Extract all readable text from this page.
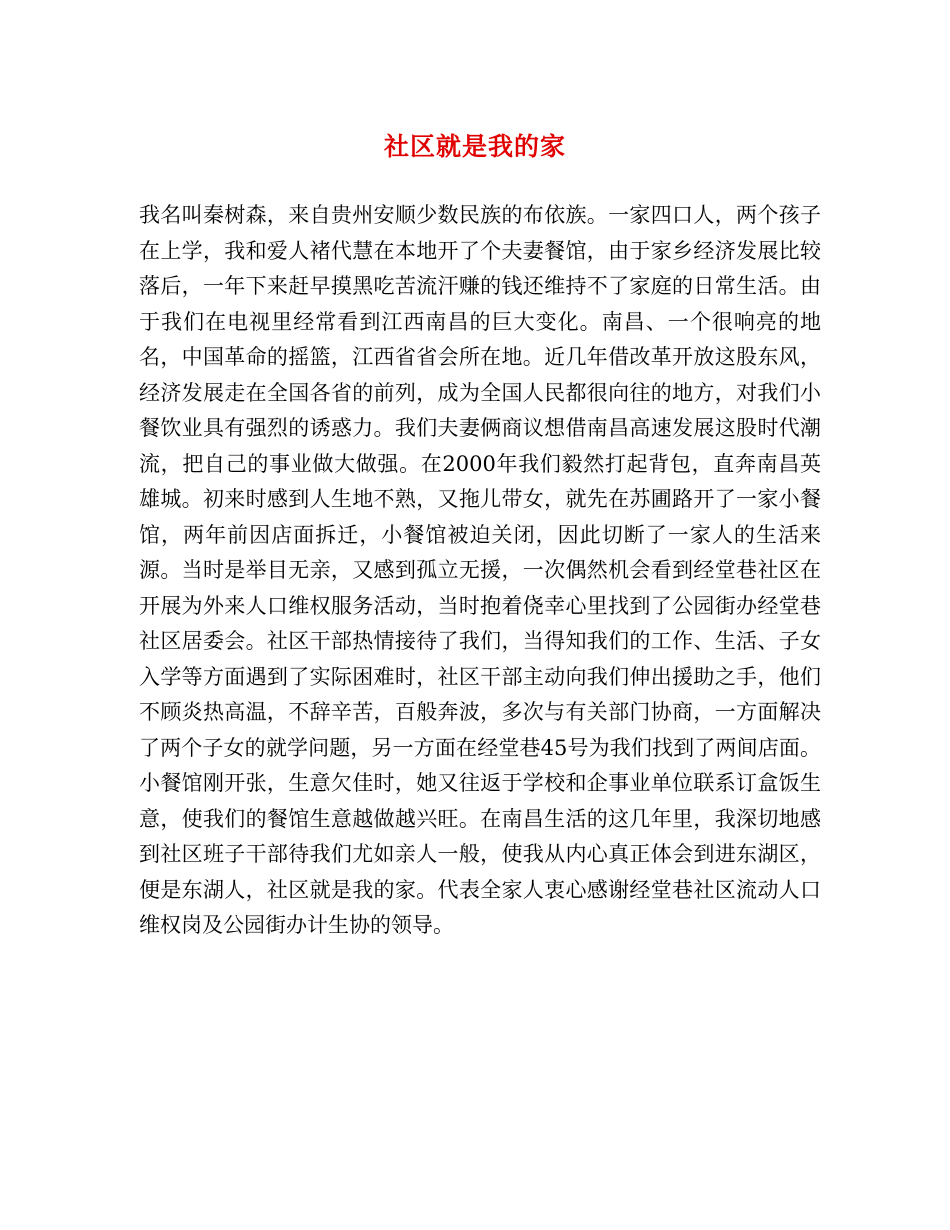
社区就是我的家

我名叫秦树森，来自贵州安顺少数民族的布依族。一家四口人，两个孩子在上学，我和爱人褚代慧在本地开了个夫妻餐馆，由于家乡经济发展比较落后，一年下来赶早摸黑吃苦流汗赚的钱还维持不了家庭的日常生活。由于我们在电视里经常看到江西南昌的巨大变化。南昌、一个很响亮的地名，中国革命的摇篮，江西省省会所在地。近几年借改革开放这股东风，经济发展走在全国各省的前列，成为全国人民都很向往的地方，对我们小餐饮业具有强烈的诱惑力。我们夫妻俩商议想借南昌高速发展这股时代潮流，把自己的事业做大做强。在2000年我们毅然打起背包，直奔南昌英雄城。初来时感到人生地不熟，又拖儿带女，就先在苏圃路开了一家小餐馆，两年前因店面拆迁，小餐馆被迫关闭，因此切断了一家人的生活来源。当时是举目无亲，又感到孤立无援，一次偶然机会看到经堂巷社区在开展为外来人口维权服务活动，当时抱着侥幸心里找到了公园街办经堂巷社区居委会。社区干部热情接待了我们，当得知我们的工作、生活、子女入学等方面遇到了实际困难时，社区干部主动向我们伸出援助之手，他们不顾炎热高温，不辞辛苦，百般奔波，多次与有关部门协商，一方面解决了两个子女的就学问题，另一方面在经堂巷45号为我们找到了两间店面。小餐馆刚开张，生意欠佳时，她又往返于学校和企事业单位联系订盒饭生意，使我们的餐馆生意越做越兴旺。在南昌生活的这几年里，我深切地感到社区班子干部待我们尤如亲人一般，使我从内心真正体会到进东湖区，便是东湖人，社区就是我的家。代表全家人衷心感谢经堂巷社区流动人口维权岗及公园街办计生协的领导。
